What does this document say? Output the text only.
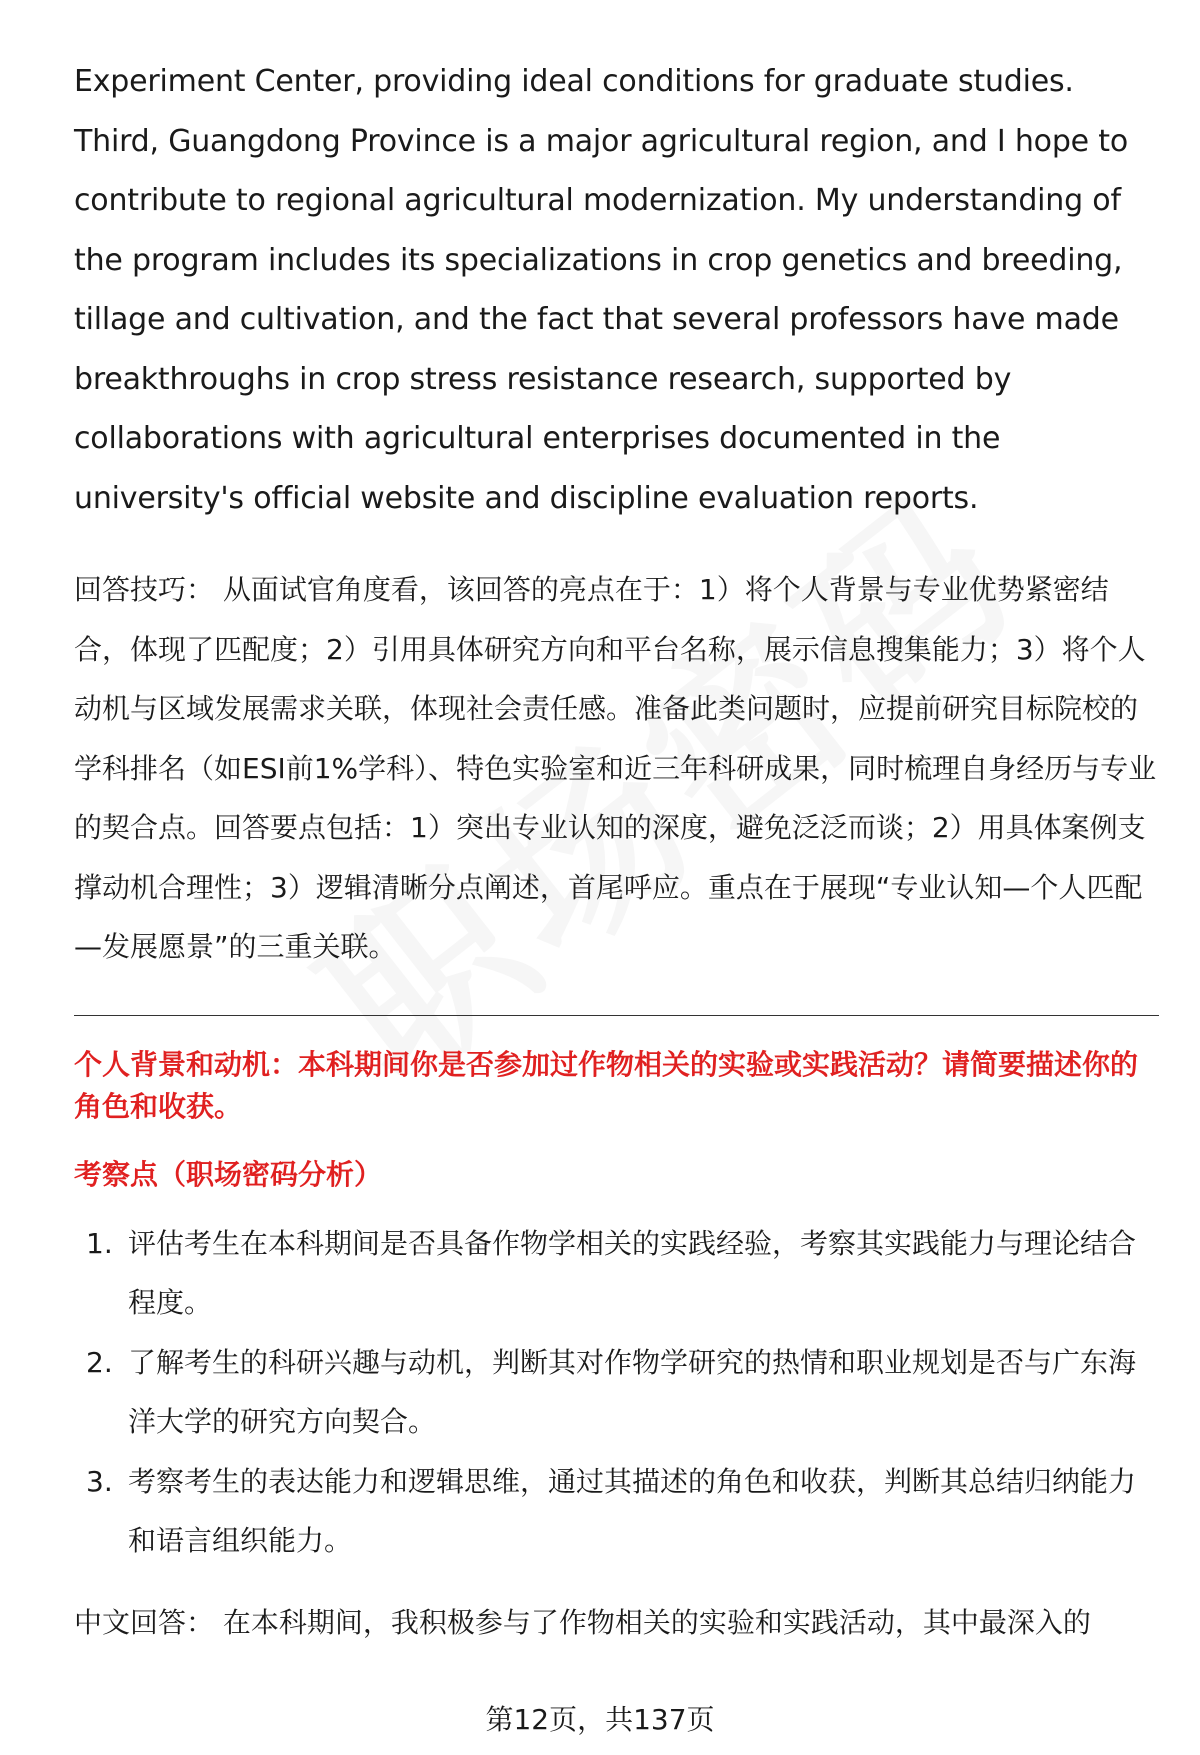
Experiment Center, providing ideal conditions for graduate studies. Third, Guangdong Province is a major agricultural region, and I hope to contribute to regional agricultural modernization. My understanding of the program includes its specializations in crop genetics and breeding, tillage and cultivation, and the fact that several professors have made breakthroughs in crop stress resistance research, supported by collaborations with agricultural enterprises documented in the university's official website and discipline evaluation reports.

回答技巧： 从面试官角度看，该回答的亮点在于：1）将个人背景与专业优势紧密结合，体现了匹配度；2）引用具体研究方向和平台名称，展示信息搜集能力；3）将个人动机与区域发展需求关联，体现社会责任感。准备此类问题时，应提前研究目标院校的学科排名（如ESI前1%学科）、特色实验室和近三年科研成果，同时梳理自身经历与专业的契合点。回答要点包括：1）突出专业认知的深度，避免泛泛而谈；2）用具体案例支撑动机合理性；3）逻辑清晰分点阐述，首尾呼应。重点在于展现“专业认知—个人匹配—发展愿景”的三重关联。

个人背景和动机：本科期间你是否参加过作物相关的实验或实践活动？请简要描述你的角色和收获。

考察点（职场密码分析）

1. 评估考生在本科期间是否具备作物学相关的实践经验，考察其实践能力与理论结合程度。
2. 了解考生的科研兴趣与动机，判断其对作物学研究的热情和职业规划是否与广东海洋大学的研究方向契合。
3. 考察考生的表达能力和逻辑思维，通过其描述的角色和收获，判断其总结归纳能力和语言组织能力。

中文回答： 在本科期间，我积极参与了作物相关的实验和实践活动，其中最深入的

第12页，共137页
